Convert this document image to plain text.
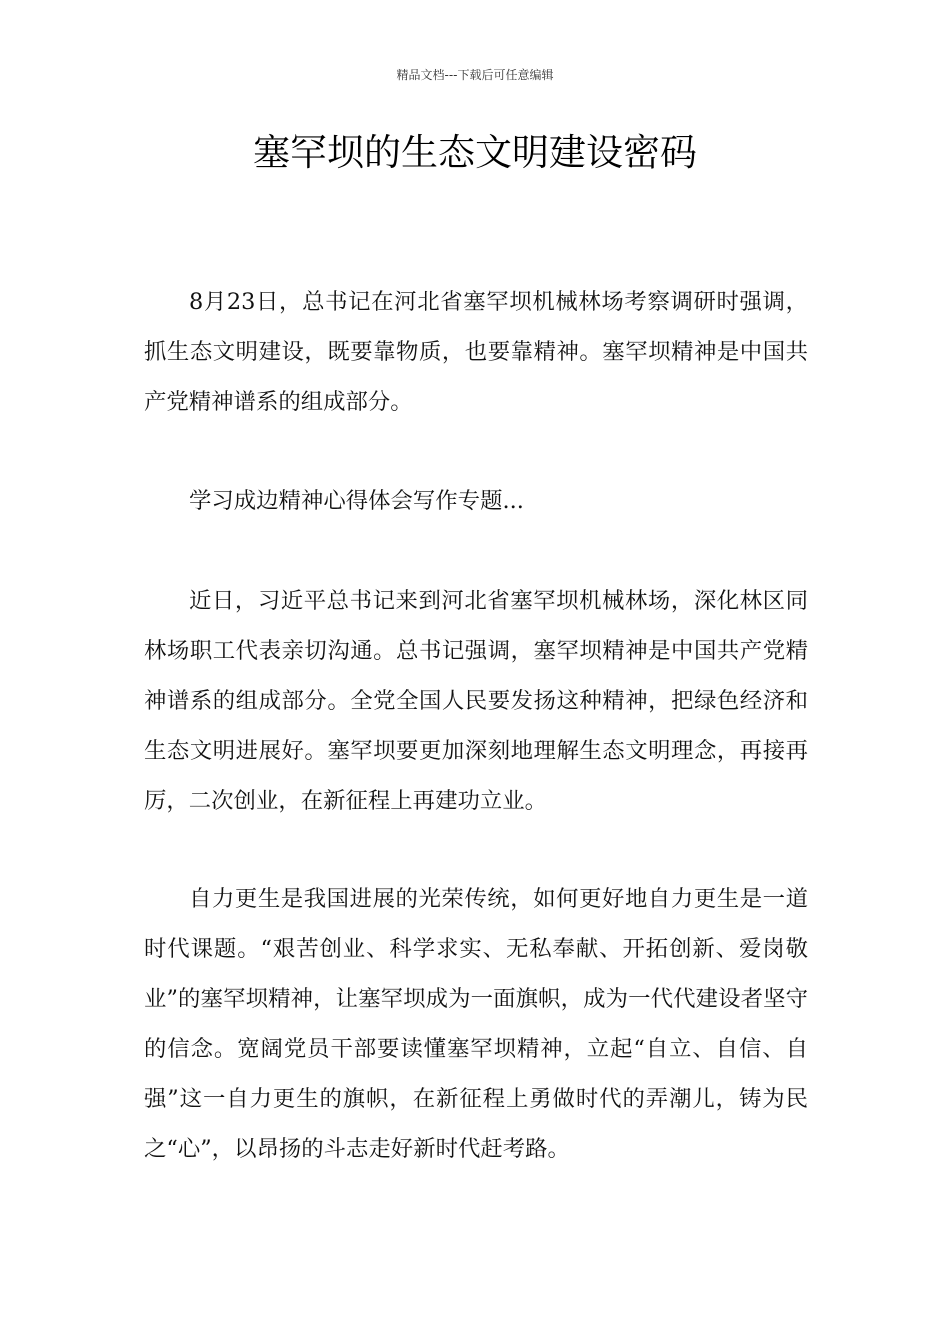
精品文档---下载后可任意编辑
塞罕坝的生态文明建设密码

8月23日，总书记在河北省塞罕坝机械林场考察调研时强调，抓生态文明建设，既要靠物质，也要靠精神。塞罕坝精神是中国共产党精神谱系的组成部分。

学习成边精神心得体会写作专题...

近日，习近平总书记来到河北省塞罕坝机械林场，深化林区同林场职工代表亲切沟通。总书记强调，塞罕坝精神是中国共产党精神谱系的组成部分。全党全国人民要发扬这种精神，把绿色经济和生态文明进展好。塞罕坝要更加深刻地理解生态文明理念，再接再厉，二次创业，在新征程上再建功立业。

自力更生是我国进展的光荣传统，如何更好地自力更生是一道时代课题。“艰苦创业、科学求实、无私奉献、开拓创新、爱岗敬业”的塞罕坝精神，让塞罕坝成为一面旗帜，成为一代代建设者坚守的信念。宽阔党员干部要读懂塞罕坝精神，立起“自立、自信、自强”这一自力更生的旗帜，在新征程上勇做时代的弄潮儿，铸为民之“心”，以昂扬的斗志走好新时代赶考路。
